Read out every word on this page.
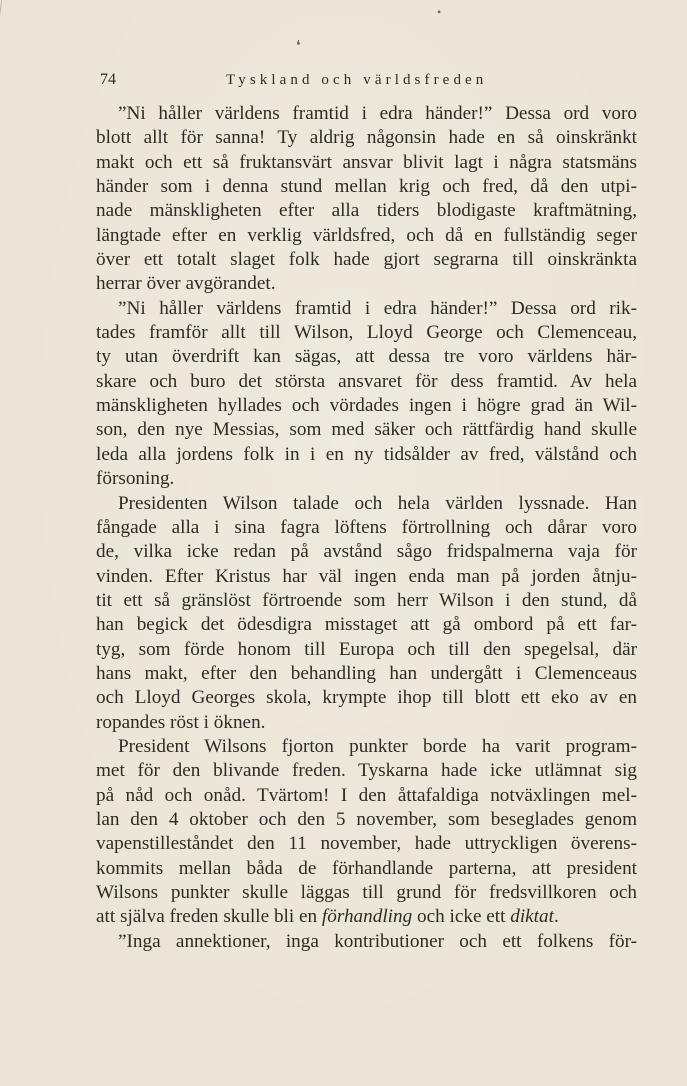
•
❛
74	Tyskland och världsfreden
”Ni håller världens framtid i edra händer!” Dessa ord voro
blott allt för sanna! Ty aldrig någonsin hade en så oinskränkt
makt och ett så fruktansvärt ansvar blivit lagt i några statsmäns
händer som i denna stund mellan krig och fred, då den utpi-
nade mänskligheten efter alla tiders blodigaste kraftmätning,
längtade efter en verklig världsfred, och då en fullständig seger
över ett totalt slaget folk hade gjort segrarna till oinskränkta
herrar över avgörandet.
”Ni håller världens framtid i edra händer!” Dessa ord rik-
tades framför allt till Wilson, Lloyd George och Clemenceau,
ty utan överdrift kan sägas, att dessa tre voro världens här-
skare och buro det största ansvaret för dess framtid. Av hela
mänskligheten hyllades och vördades ingen i högre grad än Wil-
son, den nye Messias, som med säker och rättfärdig hand skulle
leda alla jordens folk in i en ny tidsålder av fred, välstånd och
försoning.
Presidenten Wilson talade och hela världen lyssnade. Han
fångade alla i sina fagra löftens förtrollning och dårar voro
de, vilka icke redan på avstånd sågo fridspalmerna vaja för
vinden. Efter Kristus har väl ingen enda man på jorden åtnju-
tit ett så gränslöst förtroende som herr Wilson i den stund, då
han begick det ödesdigra misstaget att gå ombord på ett far-
tyg, som förde honom till Europa och till den spegelsal, där
hans makt, efter den behandling han undergått i Clemenceaus
och Lloyd Georges skola, krympte ihop till blott ett eko av en
ropandes röst i öknen.
President Wilsons fjorton punkter borde ha varit program-
met för den blivande freden. Tyskarna hade icke utlämnat sig
på nåd och onåd. Tvärtom! I den åttafaldiga notväxlingen mel-
lan den 4 oktober och den 5 november, som beseglades genom
vapenstilleståndet den 11 november, hade uttryckligen överens-
kommits mellan båda de förhandlande parterna, att president
Wilsons punkter skulle läggas till grund för fredsvillkoren och
att själva freden skulle bli en förhandling och icke ett diktat.
”Inga annektioner, inga kontributioner och ett folkens för-
